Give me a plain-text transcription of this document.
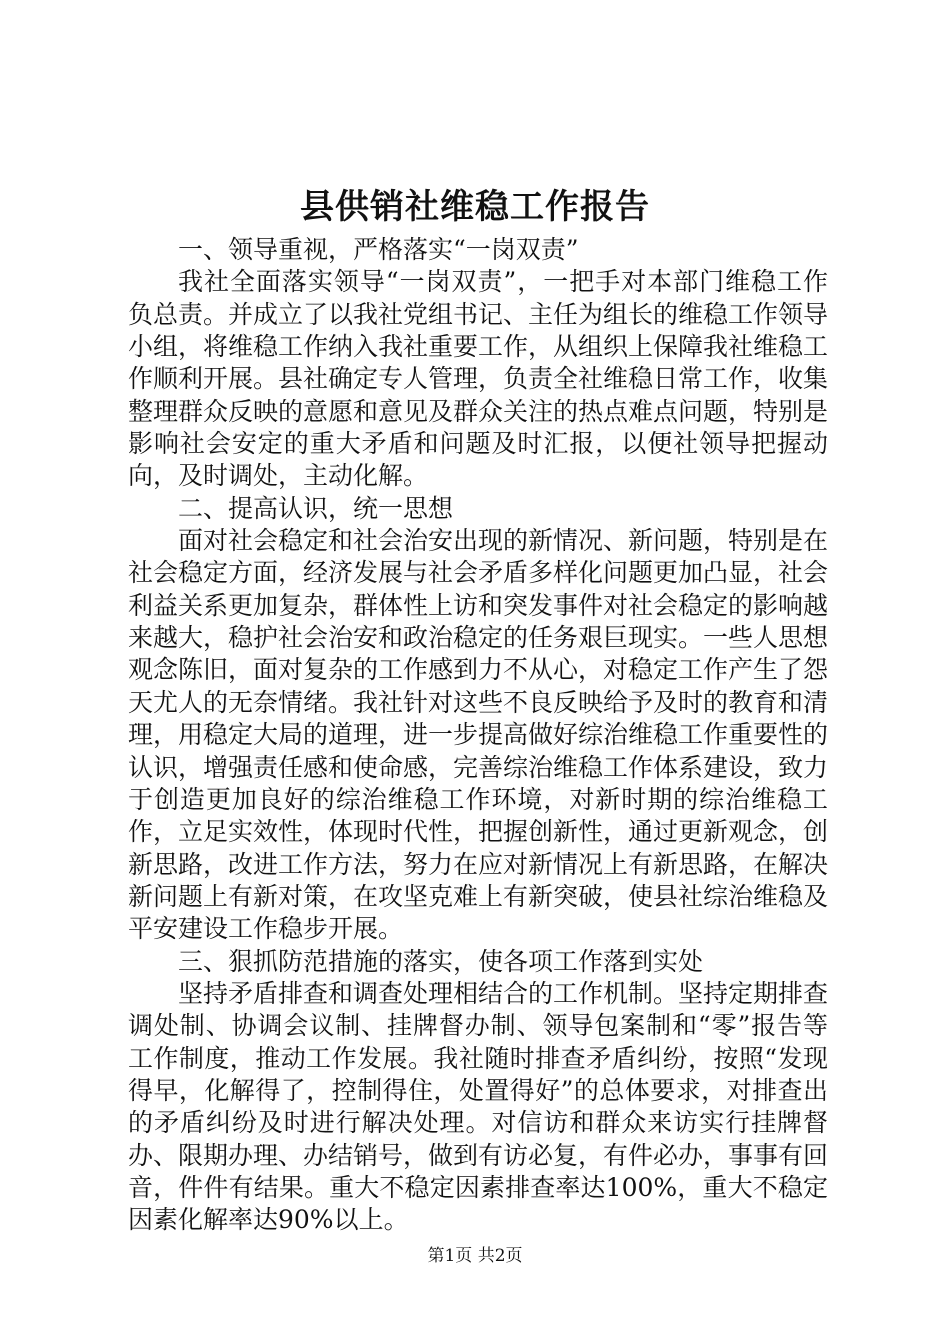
县供销社维稳工作报告

一、领导重视，严格落实“一岗双责”

我社全面落实领导“一岗双责”，一把手对本部门维稳工作负总责。并成立了以我社党组书记、主任为组长的维稳工作领导小组，将维稳工作纳入我社重要工作，从组织上保障我社维稳工作顺利开展。县社确定专人管理，负责全社维稳日常工作，收集整理群众反映的意愿和意见及群众关注的热点难点问题，特别是影响社会安定的重大矛盾和问题及时汇报，以便社领导把握动向，及时调处，主动化解。

二、提高认识，统一思想

面对社会稳定和社会治安出现的新情况、新问题，特别是在社会稳定方面，经济发展与社会矛盾多样化问题更加凸显，社会利益关系更加复杂，群体性上访和突发事件对社会稳定的影响越来越大，稳护社会治安和政治稳定的任务艰巨现实。一些人思想观念陈旧，面对复杂的工作感到力不从心，对稳定工作产生了怨天尤人的无奈情绪。我社针对这些不良反映给予及时的教育和清理，用稳定大局的道理，进一步提高做好综治维稳工作重要性的认识，增强责任感和使命感，完善综治维稳工作体系建设，致力于创造更加良好的综治维稳工作环境，对新时期的综治维稳工作，立足实效性，体现时代性，把握创新性，通过更新观念，创新思路，改进工作方法，努力在应对新情况上有新思路，在解决新问题上有新对策，在攻坚克难上有新突破，使县社综治维稳及平安建设工作稳步开展。

三、狠抓防范措施的落实，使各项工作落到实处

坚持矛盾排查和调查处理相结合的工作机制。坚持定期排查调处制、协调会议制、挂牌督办制、领导包案制和“零”报告等工作制度，推动工作发展。我社随时排查矛盾纠纷，按照“发现得早，化解得了，控制得住，处置得好”的总体要求，对排查出的矛盾纠纷及时进行解决处理。对信访和群众来访实行挂牌督办、限期办理、办结销号，做到有访必复，有件必办，事事有回音，件件有结果。重大不稳定因素排查率达100%，重大不稳定因素化解率达90%以上。

第1页 共2页
